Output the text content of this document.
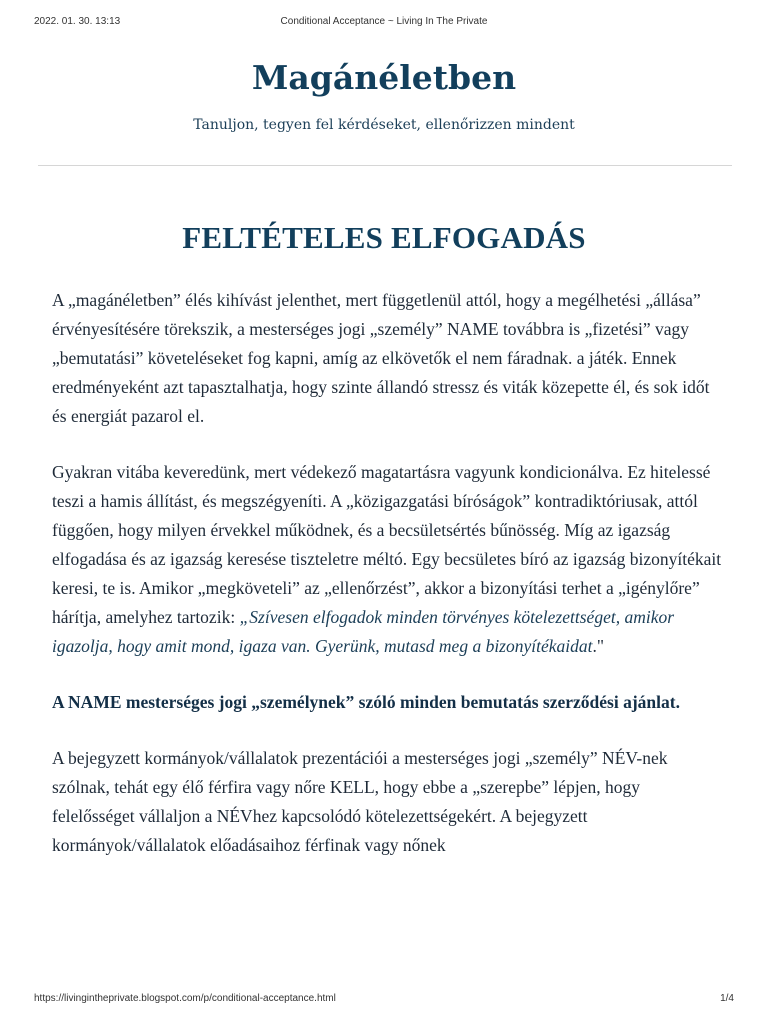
2022. 01. 30. 13:13	Conditional Acceptance ~ Living In The Private
Magánéletben
Tanuljon, tegyen fel kérdéseket, ellenőrizzen mindent
FELTÉTELES ELFOGADÁS

A „magánéletben” élés kihívást jelenthet, mert függetlenül attól, hogy a megélhetési „állása” érvényesítésére törekszik, a mesterséges jogi „személy” NAME továbbra is „fizetési” vagy „bemutatási” követeléseket fog kapni, amíg az elkövetők el nem fáradnak. a játék. Ennek eredményeként azt tapasztalhatja, hogy szinte állandó stressz és viták közepette él, és sok időt és energiát pazarol el.

Gyakran vitába keveredünk, mert védekező magatartásra vagyunk kondicionálva. Ez hitelessé teszi a hamis állítást, és megszégyeníti. A „közigazgatási bíróságok” kontradiktóriusak, attól függően, hogy milyen érvekkel működnek, és a becsületsértés bűnösség. Míg az igazság elfogadása és az igazság keresése tiszteletre méltó. Egy becsületes bíró az igazság bizonyítékait keresi, te is. Amikor „megköveteli” az „ellenőrzést”, akkor a bizonyítási terhet a „igénylőre” hárítja, amelyhez tartozik: „Szívesen elfogadok minden törvényes kötelezettséget, amikor igazolja, hogy amit mond, igaza van. Gyerünk, mutasd meg a bizonyítékaidat."

A NAME mesterséges jogi „személynek” szóló minden bemutatás szerződési ajánlat.

A bejegyzett kormányok/vállalatok prezentációi a mesterséges jogi „személy” NÉV-nek szólnak, tehát egy élő férfira vagy nőre KELL, hogy ebbe a „szerepbe” lépjen, hogy felelősséget vállaljon a NÉVhez kapcsolódó kötelezettségekért. A bejegyzett kormányok/vállalatok előadásaihoz férfinak vagy nőnek

https://livingintheprivate.blogspot.com/p/conditional-acceptance.html	1/4
